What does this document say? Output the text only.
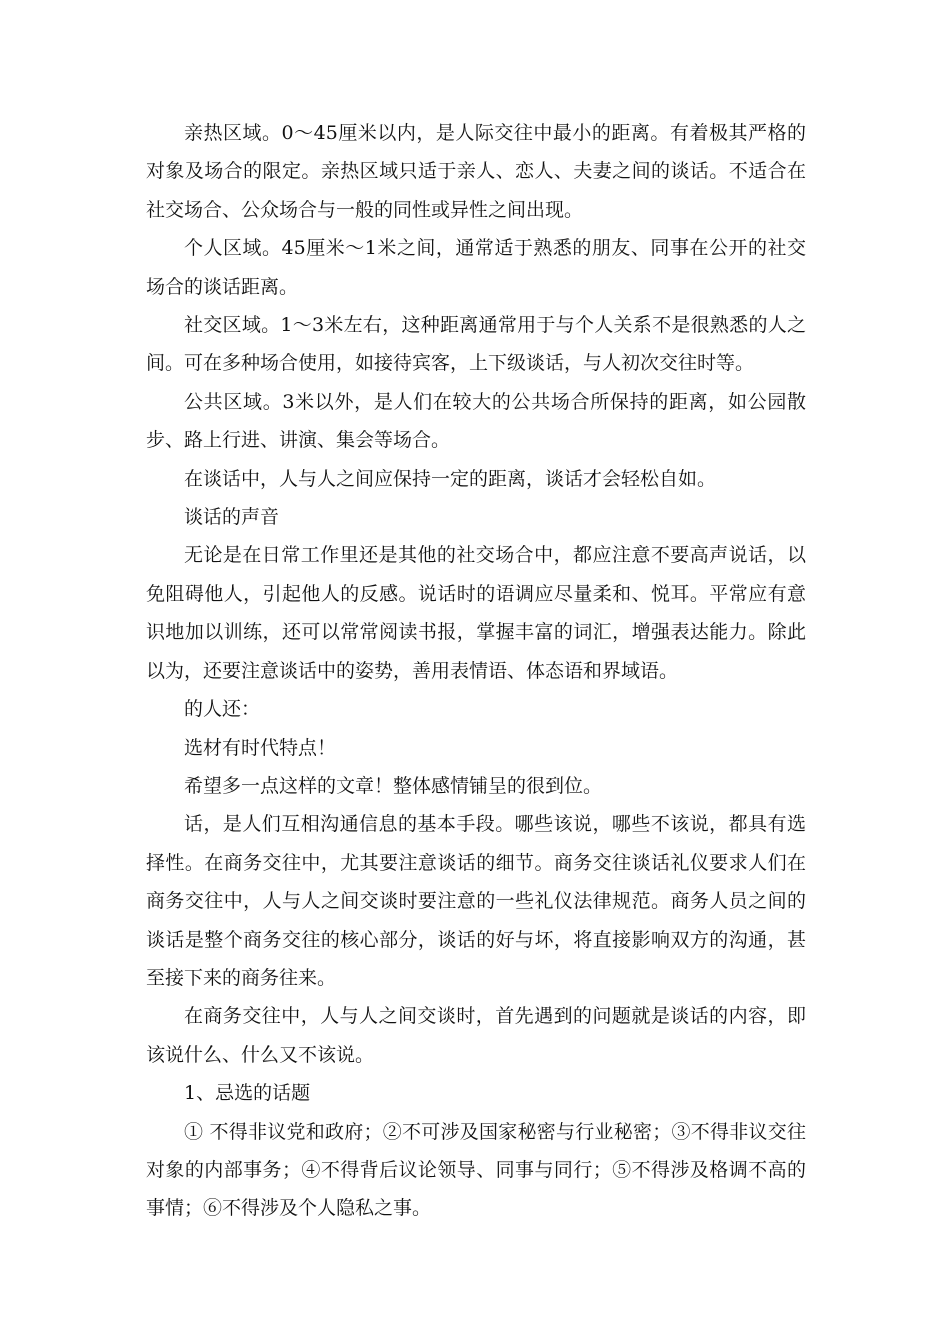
亲热区域。0～45厘米以内，是人际交往中最小的距离。有着极其严格的对象及场合的限定。亲热区域只适于亲人、恋人、夫妻之间的谈话。不适合在社交场合、公众场合与一般的同性或异性之间出现。

个人区域。45厘米～1米之间，通常适于熟悉的朋友、同事在公开的社交场合的谈话距离。

社交区域。1～3米左右，这种距离通常用于与个人关系不是很熟悉的人之间。可在多种场合使用，如接待宾客，上下级谈话，与人初次交往时等。

公共区域。3米以外，是人们在较大的公共场合所保持的距离，如公园散步、路上行进、讲演、集会等场合。

在谈话中，人与人之间应保持一定的距离，谈话才会轻松自如。

谈话的声音

无论是在日常工作里还是其他的社交场合中，都应注意不要高声说话，以免阻碍他人，引起他人的反感。说话时的语调应尽量柔和、悦耳。平常应有意识地加以训练，还可以常常阅读书报，掌握丰富的词汇，增强表达能力。除此以为，还要注意谈话中的姿势，善用表情语、体态语和界域语。

的人还：

选材有时代特点！

希望多一点这样的文章！整体感情铺呈的很到位。

话，是人们互相沟通信息的基本手段。哪些该说，哪些不该说，都具有选择性。在商务交往中，尤其要注意谈话的细节。商务交往谈话礼仪要求人们在商务交往中，人与人之间交谈时要注意的一些礼仪法律规范。商务人员之间的谈话是整个商务交往的核心部分，谈话的好与坏，将直接影响双方的沟通，甚至接下来的商务往来。

在商务交往中，人与人之间交谈时，首先遇到的问题就是谈话的内容，即该说什么、什么又不该说。

1、忌选的话题

① 不得非议党和政府；②不可涉及国家秘密与行业秘密；③不得非议交往对象的内部事务；④不得背后议论领导、同事与同行；⑤不得涉及格调不高的事情；⑥不得涉及个人隐私之事。
